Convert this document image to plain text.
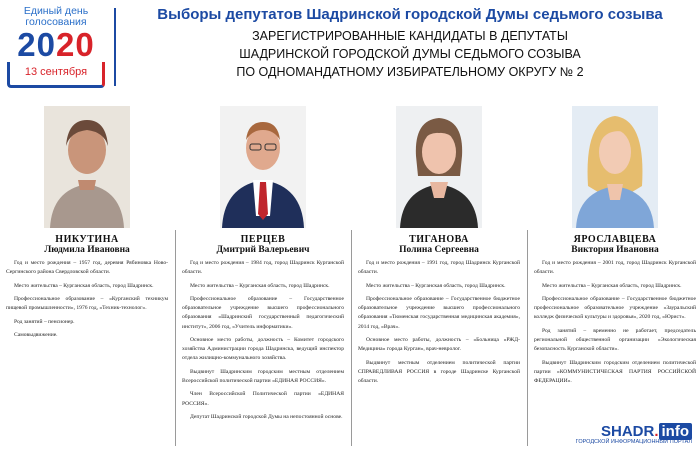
Единый день
голосования
2020
13 сентября
Выборы депутатов Шадринской городской Думы седьмого созыва
ЗАРЕГИСТРИРОВАННЫЕ КАНДИДАТЫ В ДЕПУТАТЫ
ШАДРИНСКОЙ ГОРОДСКОЙ ДУМЫ СЕДЬМОГО СОЗЫВА
ПО ОДНОМАНДАТНОМУ ИЗБИРАТЕЛЬНОМУ ОКРУГУ № 2
НИКУТИНА
Людмила Ивановна

Год и место рождения – 1957 год, деревня Рябиновка Ново-Сергинского района Свердловской области.

Место жительства – Курганская область, город Шадринск.

Профессиональное образование – «Курганский техникум пищевой промышленности», 1976 год, «Техник-технолог».

Род занятий – пенсионер.

Самовыдвижение.

ПЕРЦЕВ
Дмитрий Валерьевич

Год и место рождения – 1984 год, город Шадринск Курганской области.

Место жительства – Курганская область, город Шадринск.

Профессиональное образование – Государственное образовательное учреждение высшего профессионального образования «Шадринский государственный педагогический институт», 2006 год, «Учитель информатики».

Основное место работы, должность – Комитет городского хозяйства Администрации города Шадринска, ведущий инспектор отдела жилищно-коммунального хозяйства.

Выдвинут Шадринским городским местным отделением Всероссийской политической партии «ЕДИНАЯ РОССИЯ».

Член Всероссийской Политической партии «ЕДИНАЯ РОССИЯ».

Депутат Шадринской городской Думы на непостоянной основе.

ТИГАНОВА
Полина Сергеевна

Год и место рождения – 1991 год, город Шадринск Курганской области.

Место жительства – Курганская область, город Шадринск.

Профессиональное образование – Государственное бюджетное образовательное учреждение высшего профессионального образования «Тюменская государственная медицинская академия», 2014 год, «Врач».

Основное место работы, должность – «Больница «РЖД-Медицина» города Курган», врач-невролог.

Выдвинут местным отделением политической партии СПРАВЕДЛИВАЯ РОССИЯ в городе Шадринске Курганской области.

ЯРОСЛАВЦЕВА
Виктория Ивановна

Год и место рождения – 2001 год, город Шадринск Курганской области.

Место жительства – Курганская область, город Шадринск.

Профессиональное образование – Государственное бюджетное профессиональное образовательное учреждение «Зауральский колледж физической культуры и здоровья», 2020 год, «Юрист».

Род занятий – временно не работает, председатель региональной общественной организации «Экологическая безопасность Курганской области».

Выдвинут Шадринским городским отделением политической партии «КОММУНИСТИЧЕСКАЯ ПАРТИЯ РОССИЙСКОЙ ФЕДЕРАЦИИ».

SHADR. info
ГОРОДСКОЙ ИНФОРМАЦИОННЫЙ ПОРТАЛ
